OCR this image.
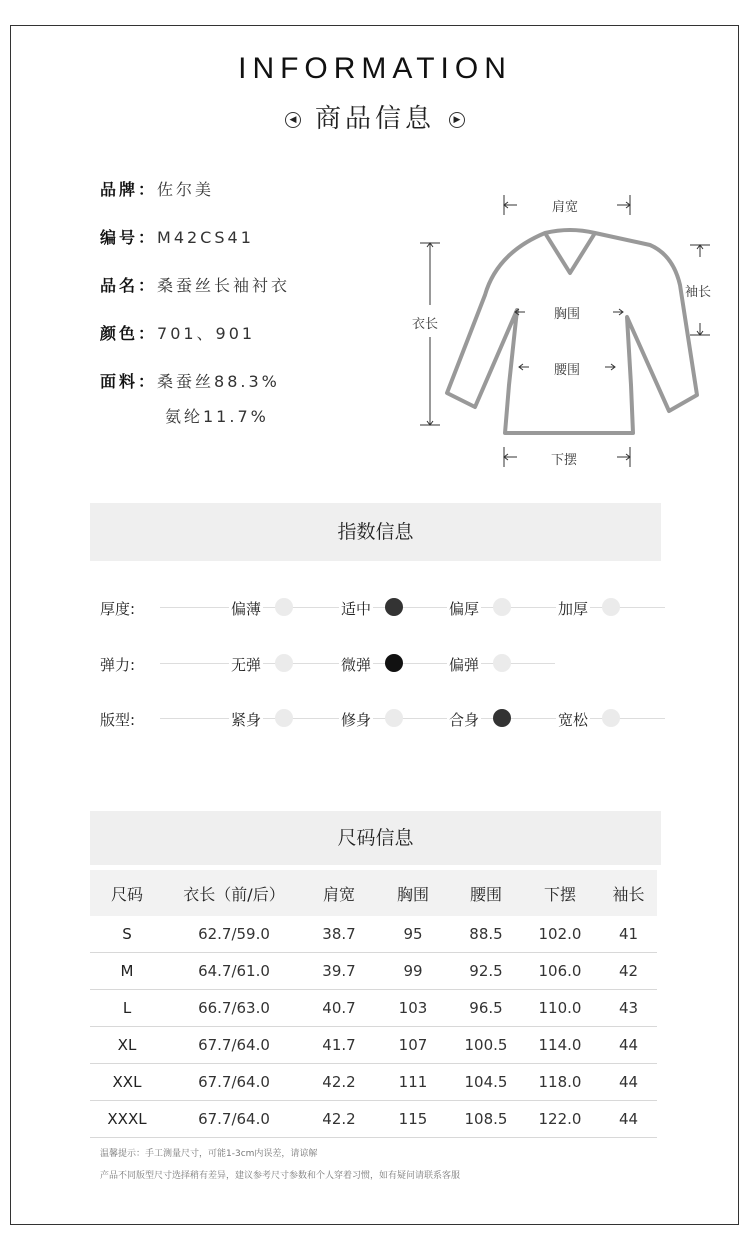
INFORMATION
◀ 商品信息 ▶
品牌：佐尔美
编号：M42CS41
品名：桑蚕丝长袖衬衣
颜色：701、901
面料：桑蚕丝88.3%
氨纶11.7%
肩宽
衣长
袖长
胸围
腰围
下摆
指数信息
厚度:	偏薄	适中	偏厚	加厚
弹力:	无弹	微弹	偏弹
版型:	紧身	修身	合身	宽松
尺码信息
尺码	衣长（前/后）	肩宽	胸围	腰围	下摆	袖长
S	62.7/59.0	38.7	95	88.5	102.0	41
M	64.7/61.0	39.7	99	92.5	106.0	42
L	66.7/63.0	40.7	103	96.5	110.0	43
XL	67.7/64.0	41.7	107	100.5	114.0	44
XXL	67.7/64.0	42.2	111	104.5	118.0	44
XXXL	67.7/64.0	42.2	115	108.5	122.0	44
温馨提示：手工测量尺寸，可能1-3cm内误差，请谅解
产品不同版型尺寸选择稍有差异，建议参考尺寸参数和个人穿着习惯，如有疑问请联系客服
